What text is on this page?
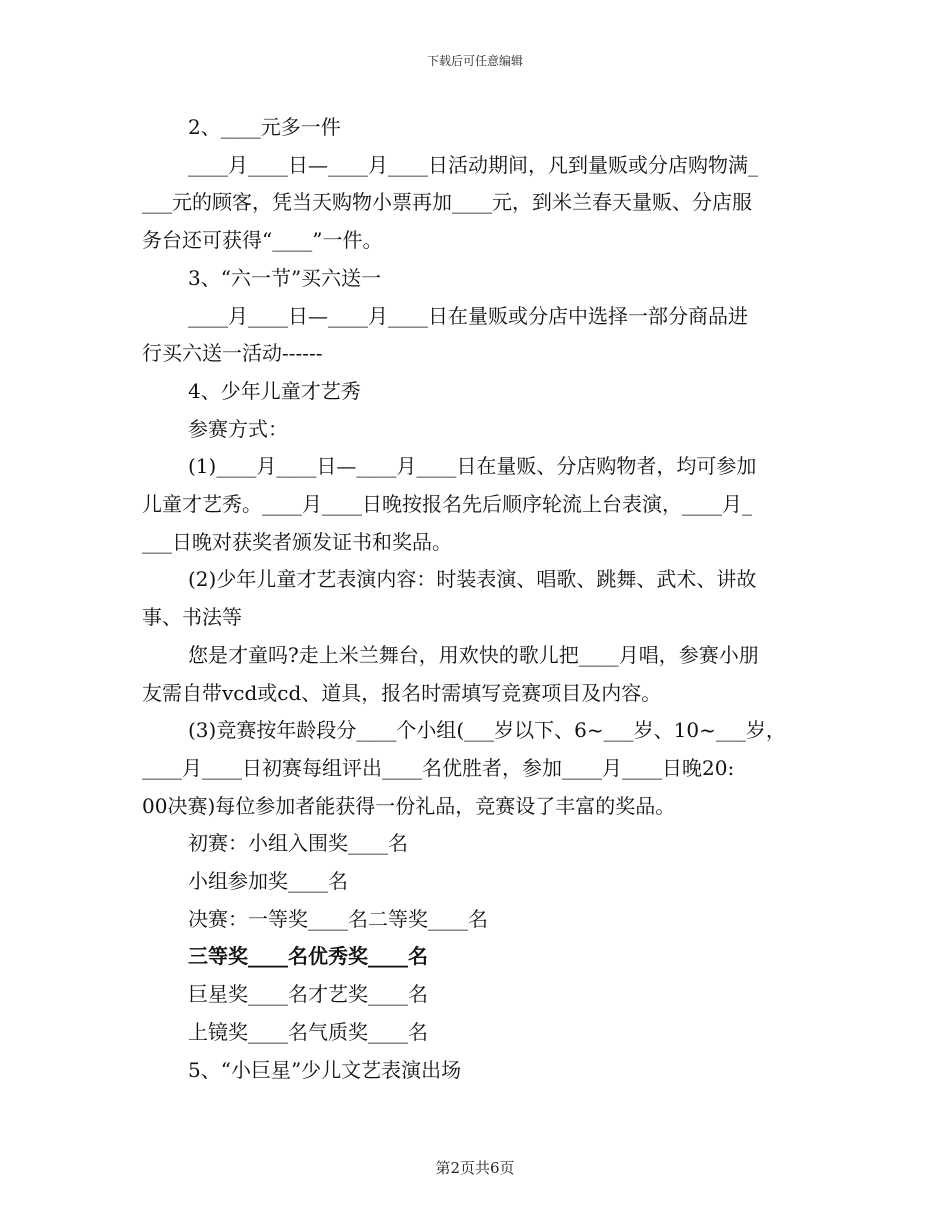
下载后可任意编辑
2、____元多一件
____月____日—____月____日活动期间，凡到量贩或分店购物满_
___元的顾客，凭当天购物小票再加____元，到米兰春天量贩、分店服
务台还可获得“____”一件。
3、“六一节”买六送一
____月____日—____月____日在量贩或分店中选择一部分商品进
行买六送一活动------
4、少年儿童才艺秀
参赛方式：
(1)____月____日—____月____日在量贩、分店购物者，均可参加
儿童才艺秀。____月____日晚按报名先后顺序轮流上台表演，____月_
___日晚对获奖者颁发证书和奖品。
(2)少年儿童才艺表演内容：时装表演、唱歌、跳舞、武术、讲故
事、书法等
您是才童吗?走上米兰舞台，用欢快的歌儿把____月唱，参赛小朋
友需自带vcd或cd、道具，报名时需填写竞赛项目及内容。
(3)竞赛按年龄段分____个小组(___岁以下、6~___岁、10~___岁，
____月____日初赛每组评出____名优胜者，参加____月____日晚20:
00决赛)每位参加者能获得一份礼品，竞赛设了丰富的奖品。
初赛：小组入围奖____名
小组参加奖____名
决赛：一等奖____名二等奖____名
三等奖____名优秀奖____名
巨星奖____名才艺奖____名
上镜奖____名气质奖____名
5、“小巨星”少儿文艺表演出场
第2页共6页
